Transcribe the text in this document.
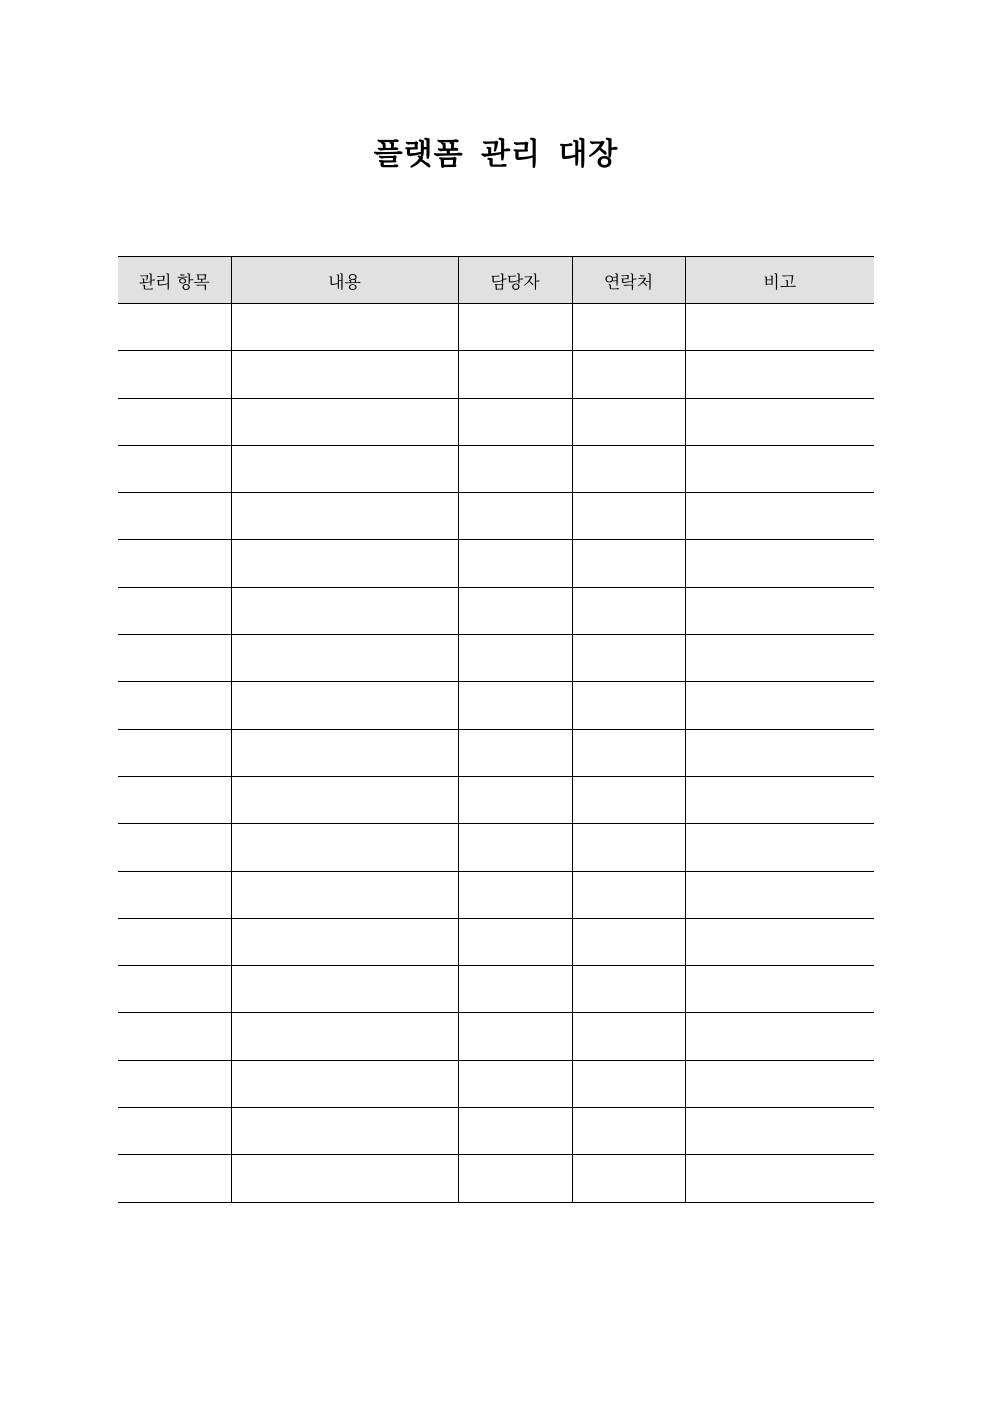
플랫폼 관리 대장
관리 항목	내용	담당자	연락처	비고
